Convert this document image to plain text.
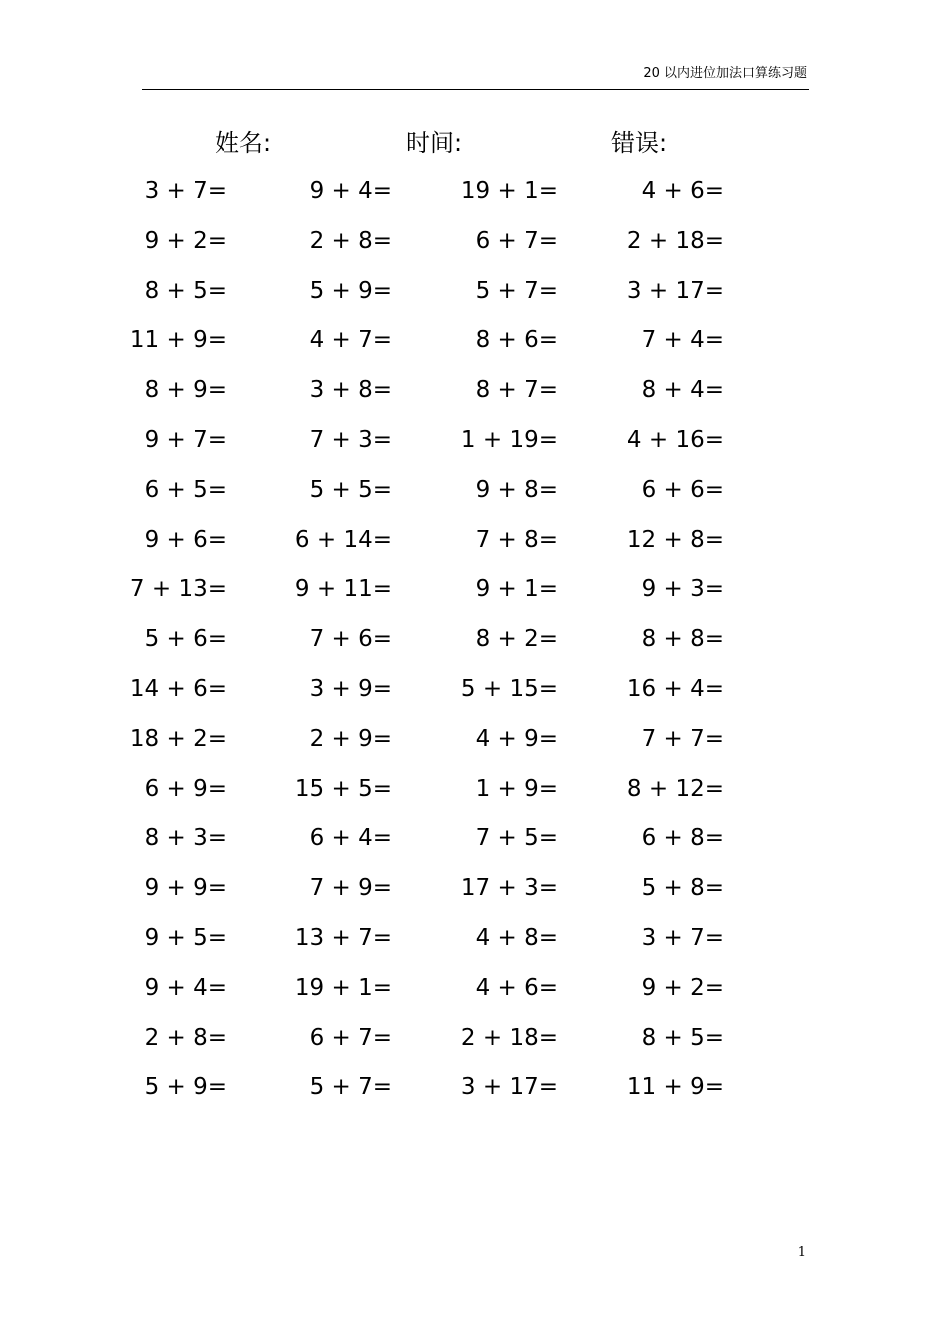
20 以内进位加法口算练习题
姓名:	时间:	错误:
3 + 7=	9 + 4=	19 + 1=	4 + 6=
9 + 2=	2 + 8=	6 + 7=	2 + 18=
8 + 5=	5 + 9=	5 + 7=	3 + 17=
11 + 9=	4 + 7=	8 + 6=	7 + 4=
8 + 9=	3 + 8=	8 + 7=	8 + 4=
9 + 7=	7 + 3=	1 + 19=	4 + 16=
6 + 5=	5 + 5=	9 + 8=	6 + 6=
9 + 6=	6 + 14=	7 + 8=	12 + 8=
7 + 13=	9 + 11=	9 + 1=	9 + 3=
5 + 6=	7 + 6=	8 + 2=	8 + 8=
14 + 6=	3 + 9=	5 + 15=	16 + 4=
18 + 2=	2 + 9=	4 + 9=	7 + 7=
6 + 9=	15 + 5=	1 + 9=	8 + 12=
8 + 3=	6 + 4=	7 + 5=	6 + 8=
9 + 9=	7 + 9=	17 + 3=	5 + 8=
9 + 5=	13 + 7=	4 + 8=	3 + 7=
9 + 4=	19 + 1=	4 + 6=	9 + 2=
2 + 8=	6 + 7=	2 + 18=	8 + 5=
5 + 9=	5 + 7=	3 + 17=	11 + 9=
1
